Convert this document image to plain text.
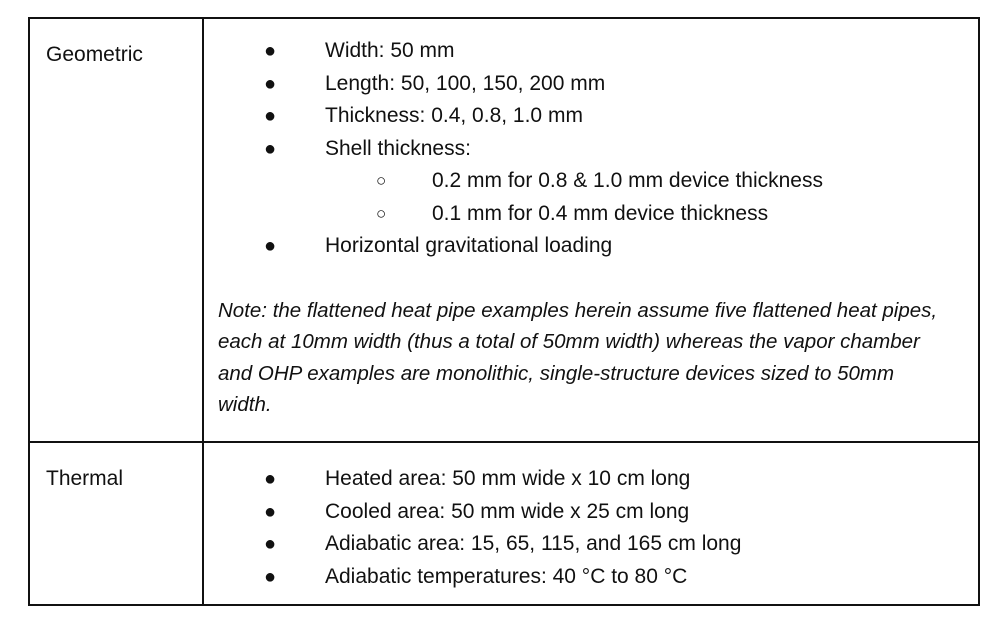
Geometric	● Width: 50 mm
● Length: 50, 100, 150, 200 mm
● Thickness: 0.4, 0.8, 1.0 mm
● Shell thickness:
○ 0.2 mm for 0.8 & 1.0 mm device thickness
○ 0.1 mm for 0.4 mm device thickness
● Horizontal gravitational loading

Note: the flattened heat pipe examples herein assume five flattened heat pipes, each at 10mm width (thus a total of 50mm width) whereas the vapor chamber and OHP examples are monolithic, single-structure devices sized to 50mm width.

Thermal	● Heated area: 50 mm wide x 10 cm long
● Cooled area: 50 mm wide x 25 cm long
● Adiabatic area: 15, 65, 115, and 165 cm long
● Adiabatic temperatures: 40 °C to 80 °C
